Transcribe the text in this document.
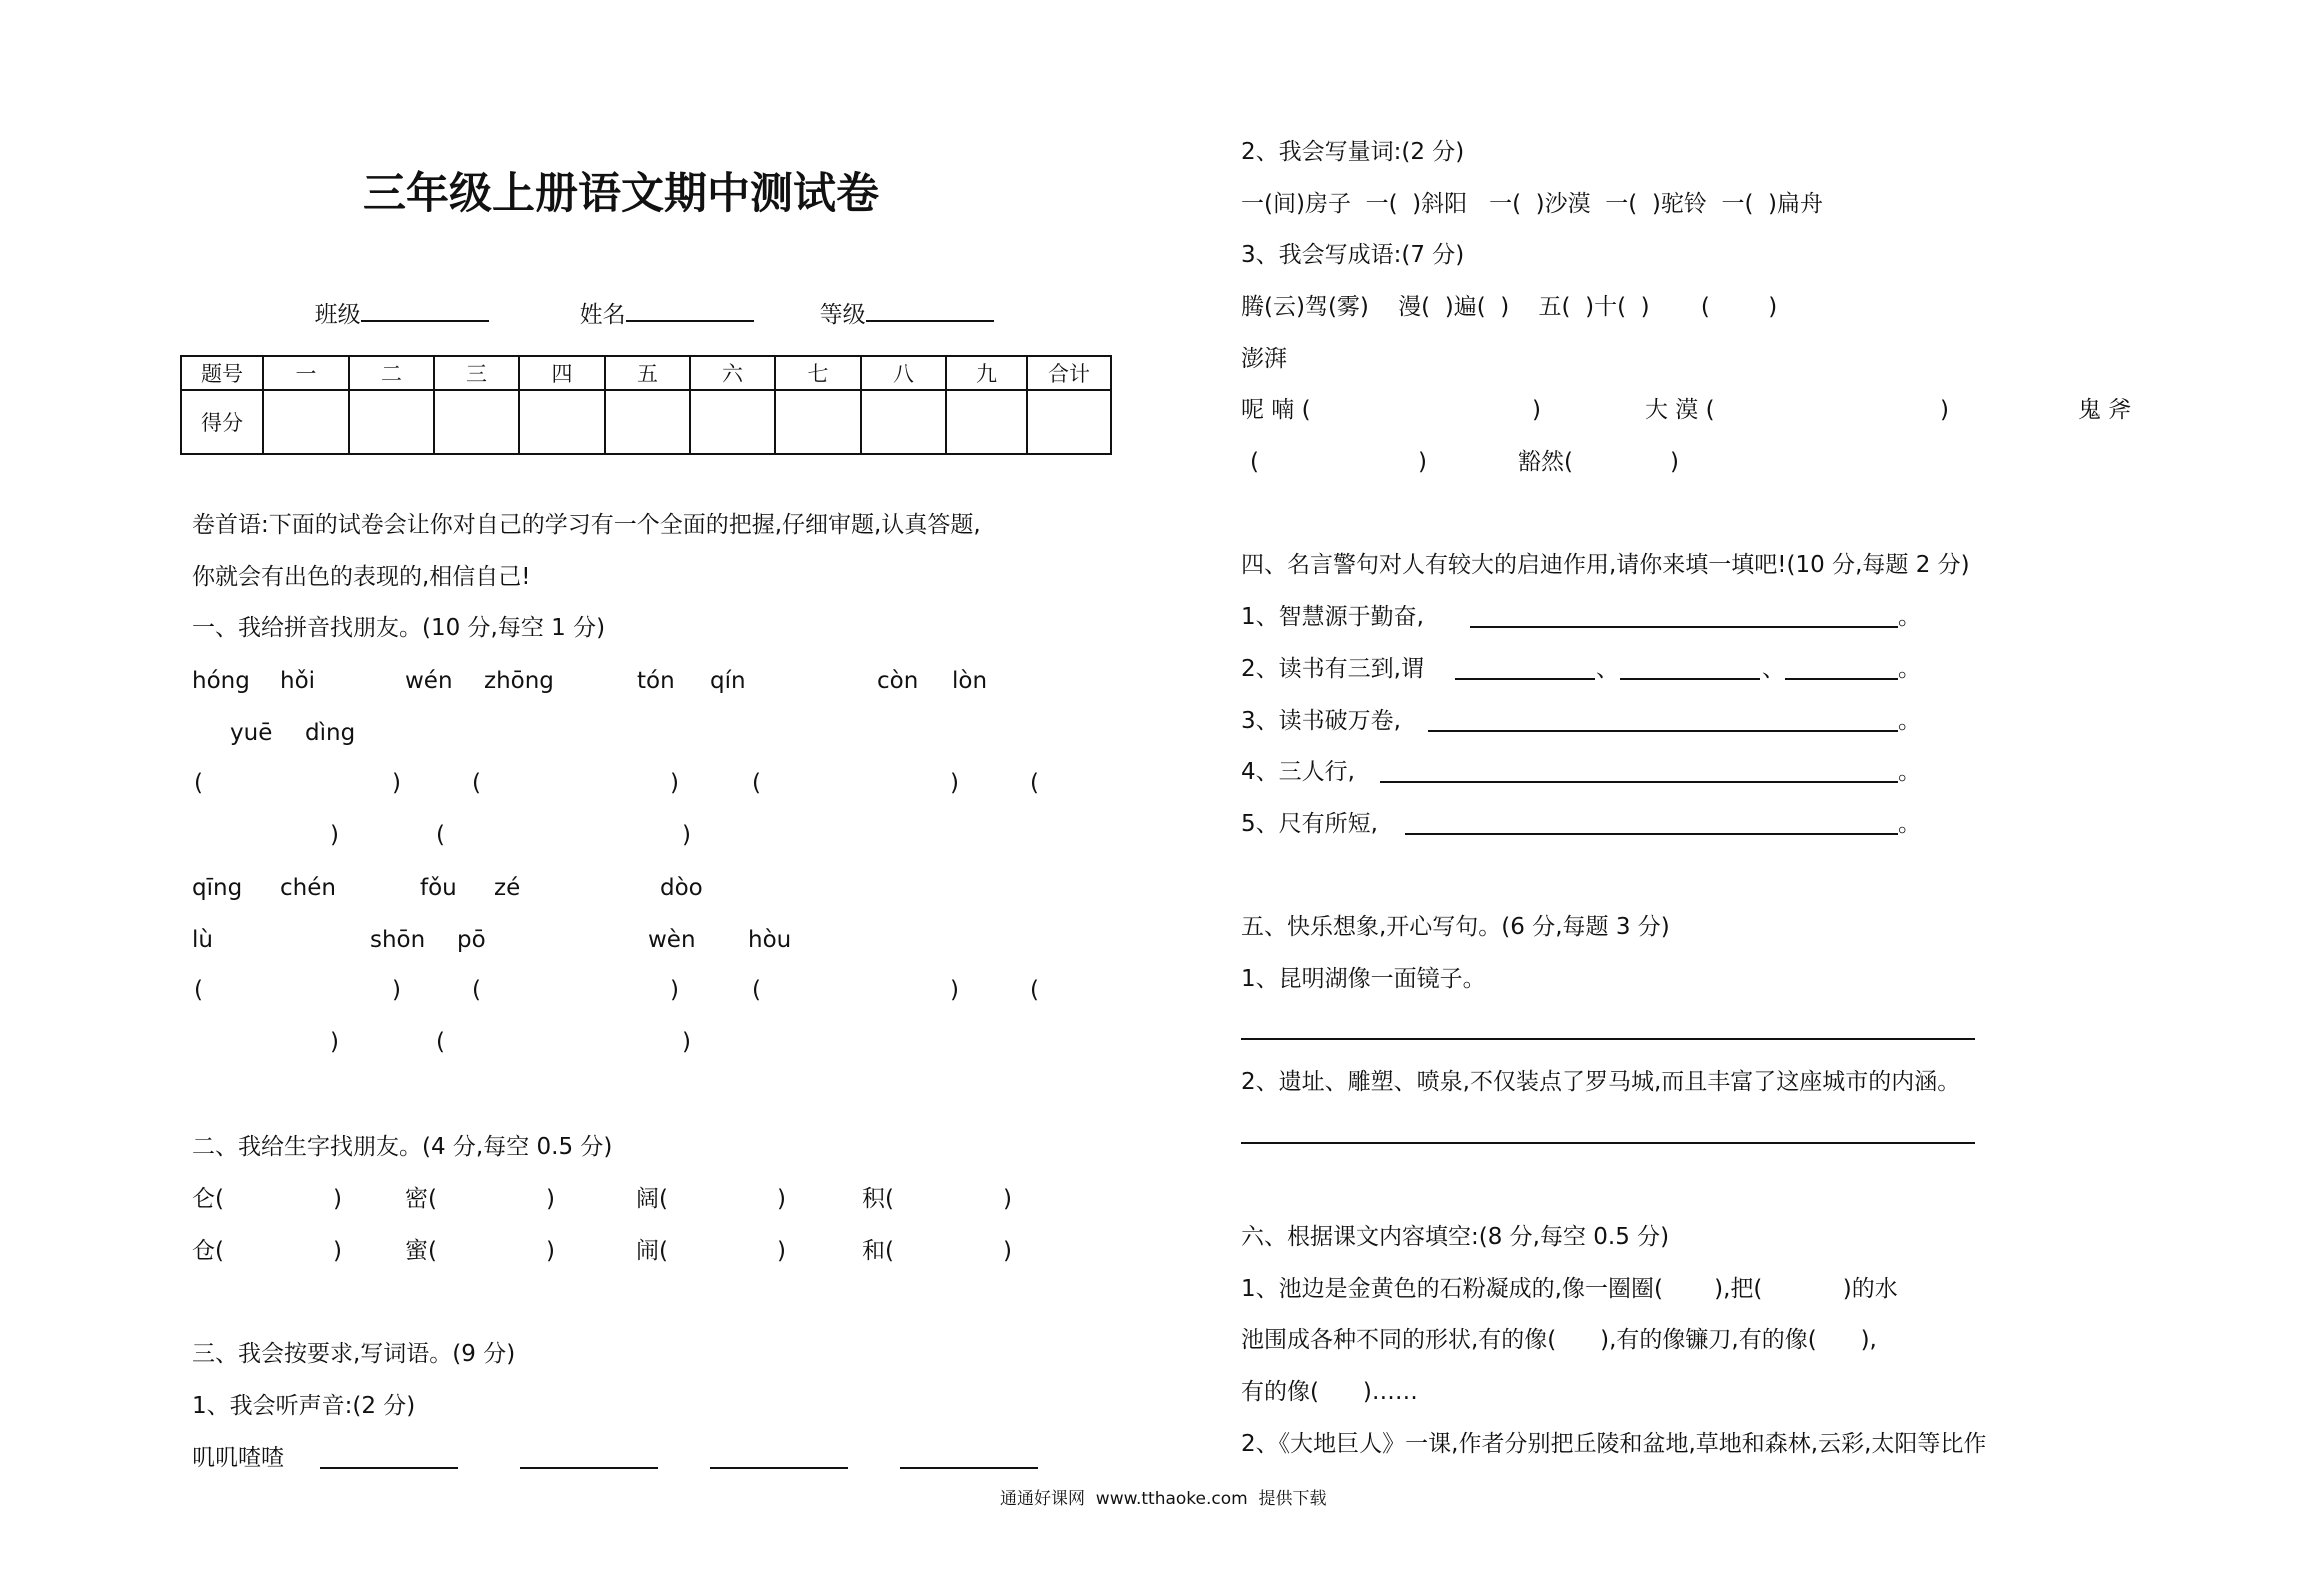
三年级上册语文期中测试卷

班级	姓名	等级

题号	一	二	三	四	五	六	七	八	九	合计
得分										
卷首语:下面的试卷会让你对自己的学习有一个全面的把握,仔细审题,认真答题,
你就会有出色的表现的,相信自己!
一、我给拼音找朋友。(10 分,每空 1 分)
hóng hǒi	wén zhōng	tón qín	còn lòn
yuē dìng
(	)	(	)	(	)	(
)	(	)
qīng chén	fǒu zé	dòo
lù	shōn pō	wèn hòu
(	)	(	)	(	)	(
)	(	)
二、我给生字找朋友。(4 分,每空 0.5 分)
仑(	)	密(	)	阔(	)	积(	)
仓(	)	蜜(	)	闹(	)	和(	)
三、我会按要求,写词语。(9 分)
1、我会听声音:(2 分)
叽叽喳喳
2、我会写量词:(2 分)
一(间)房子  一(  )斜阳   一(  )沙漠  一(  )驼铃  一(  )扁舟
3、我会写成语:(7 分)
腾(云)驾(雾)    漫(  )遍(  )    五(  )十(  )       (        )
澎湃
呢 喃 (	)	大 漠 (	)	鬼 斧
(	)	豁然(	)
四、名言警句对人有较大的启迪作用,请你来填一填吧!(10 分,每题 2 分)
1、智慧源于勤奋,	。
2、读书有三到,谓	、	、	。
3、读书破万卷,	。
4、三人行,	。
5、尺有所短,	。
五、快乐想象,开心写句。(6 分,每题 3 分)
1、昆明湖像一面镜子。
2、遗址、雕塑、喷泉,不仅装点了罗马城,而且丰富了这座城市的内涵。
六、根据课文内容填空:(8 分,每空 0.5 分)
1、池边是金黄色的石粉凝成的,像一圈圈(       ),把(           )的水
池围成各种不同的形状,有的像(      ),有的像镰刀,有的像(      ),
有的像(      )……
2、《大地巨人》一课,作者分别把丘陵和盆地,草地和森林,云彩,太阳等比作
通通好课网  www.tthaoke.com  提供下载
